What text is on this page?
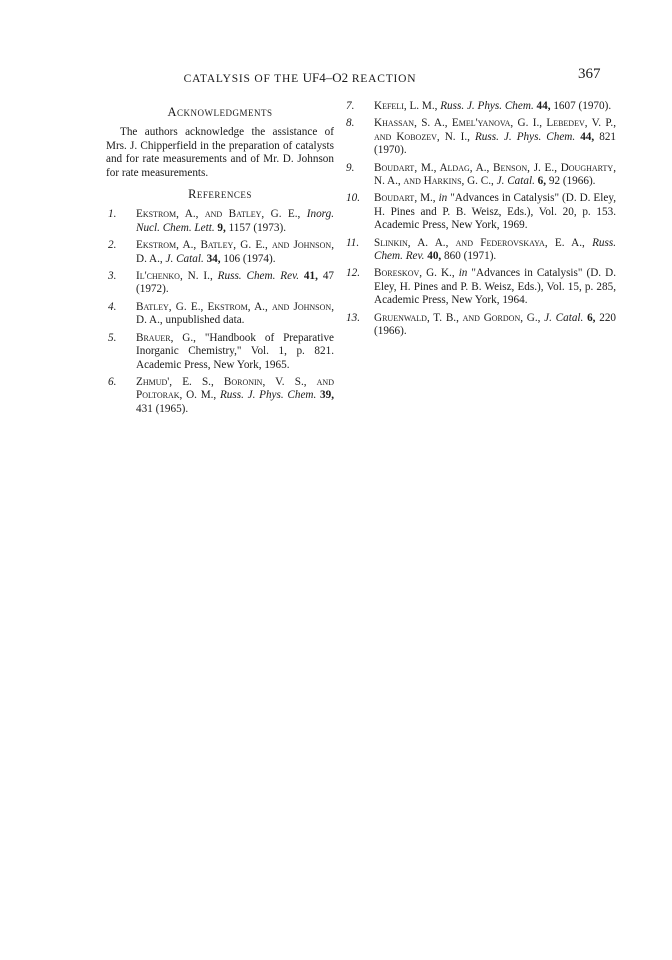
CATALYSIS OF THE UF4–O2 REACTION	367
Acknowledgments

The authors acknowledge the assistance of Mrs. J. Chipperfield in the preparation of catalysts and for rate measurements and of Mr. D. Johnson for rate measurements.

References
1. Ekstrom, A., and Batley, G. E., Inorg. Nucl. Chem. Lett. 9, 1157 (1973).
2. Ekstrom, A., Batley, G. E., and Johnson, D. A., J. Catal. 34, 106 (1974).
3. Il'chenko, N. I., Russ. Chem. Rev. 41, 47 (1972).
4. Batley, G. E., Ekstrom, A., and Johnson, D. A., unpublished data.
5. Brauer, G., "Handbook of Preparative Inorganic Chemistry," Vol. 1, p. 821. Academic Press, New York, 1965.
6. Zhmud', E. S., Boronin, V. S., and Poltorak, O. M., Russ. J. Phys. Chem. 39, 431 (1965).
7. Kefeli, L. M., Russ. J. Phys. Chem. 44, 1607 (1970).
8. Khassan, S. A., Emel'yanova, G. I., Lebedev, V. P., and Kobozev, N. I., Russ. J. Phys. Chem. 44, 821 (1970).
9. Boudart, M., Aldag, A., Benson, J. E., Dougharty, N. A., and Harkins, G. C., J. Catal. 6, 92 (1966).
10. Boudart, M., in "Advances in Catalysis" (D. D. Eley, H. Pines and P. B. Weisz, Eds.), Vol. 20, p. 153. Academic Press, New York, 1969.
11. Slinkin, A. A., and Federovskaya, E. A., Russ. Chem. Rev. 40, 860 (1971).
12. Boreskov, G. K., in "Advances in Catalysis" (D. D. Eley, H. Pines and P. B. Weisz, Eds.), Vol. 15, p. 285, Academic Press, New York, 1964.
13. Gruenwald, T. B., and Gordon, G., J. Catal. 6, 220 (1966).
